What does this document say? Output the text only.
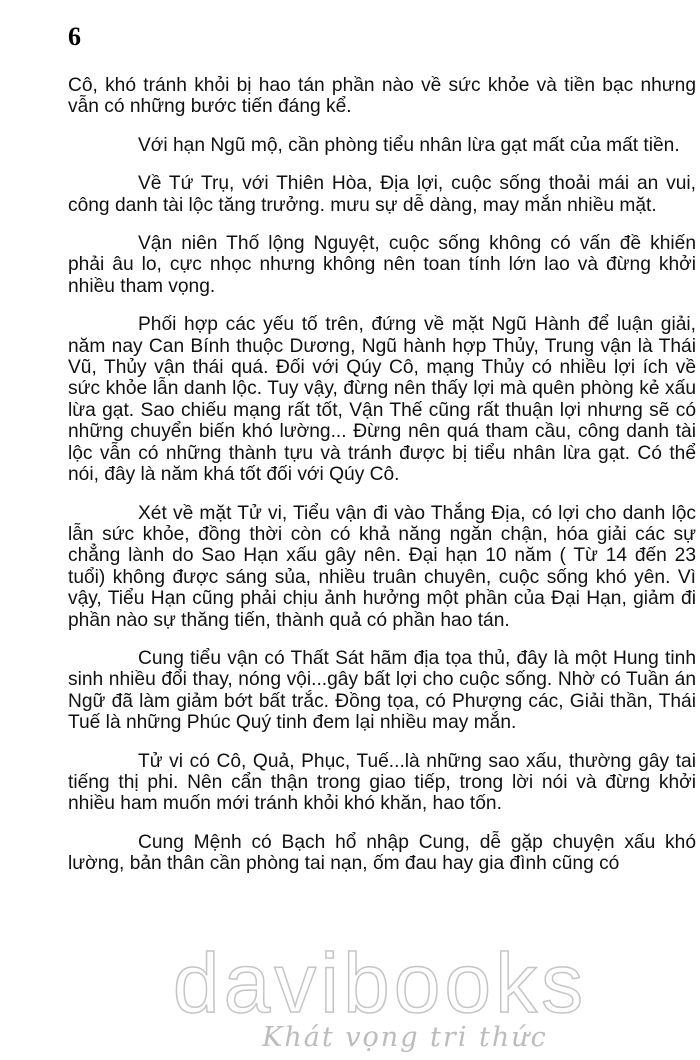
6

Cô, khó tránh khỏi bị hao tán phần nào về sức khỏe và tiền bạc nhưng vẫn có những bước tiến đáng kể.

Với hạn Ngũ mộ, cần phòng tiểu nhân lừa gạt mất của mất tiền.

Về Tứ Trụ, với Thiên Hòa, Địa lợi, cuộc sống thoải mái an vui, công danh tài lộc tăng trưởng. mưu sự dễ dàng, may mắn nhiều mặt.

Vận niên Thố lộng Nguyệt, cuộc sống không có vấn đề khiến phải âu lo, cực nhọc nhưng không nên toan tính lớn lao và đừng khởi nhiều tham vọng.

Phối hợp các yếu tố trên, đứng về mặt Ngũ Hành để luận giải, năm nay Can Bính thuộc Dương, Ngũ hành hợp Thủy, Trung vận là Thái Vũ, Thủy vận thái quá. Đối với Qúy Cô, mạng Thủy có nhiều lợi ích về sức khỏe lẫn danh lộc. Tuy vậy, đừng nên thấy lợi mà quên phòng kẻ xấu lừa gạt. Sao chiếu mạng rất tốt, Vận Thế cũng rất thuận lợi nhưng sẽ có những chuyển biến khó lường... Đừng nên quá tham cầu, công danh tài lộc vẫn có những thành tựu và tránh được bị tiểu nhân lừa gạt. Có thể nói, đây là năm khá tốt đối với Qúy Cô.

Xét về mặt Tử vi, Tiểu vận đi vào Thắng Địa, có lợi cho danh lộc lẫn sức khỏe, đồng thời còn có khả năng ngăn chận, hóa giải các sự chẳng lành do Sao Hạn xấu gây nên. Đại hạn 10 năm ( Từ 14 đến 23 tuổi) không được sáng sủa, nhiều truân chuyên, cuộc sống khó yên. Vì vậy, Tiểu Hạn cũng phải chịu ảnh hưởng một phần của Đại Hạn, giảm đi phần nào sự thăng tiến, thành quả có phần hao tán.

Cung tiểu vận có Thất Sát hãm địa tọa thủ, đây là một Hung tinh sinh nhiều đổi thay, nóng vội...gây bất lợi cho cuộc sống. Nhờ có Tuần án Ngữ đã làm giảm bớt bất trắc. Đồng tọa, có Phượng các, Giải thần, Thái Tuế là những Phúc Quý tinh đem lại nhiều may mắn.

Tử vi có Cô, Quả, Phục, Tuế...là những sao xấu, thường gây tai tiếng thị phi. Nên cẩn thận trong giao tiếp, trong lời nói và đừng khởi nhiều ham muốn mới tránh khỏi khó khăn, hao tốn.

Cung Mệnh có Bạch hổ nhập Cung, dễ gặp chuyện xấu khó lường, bản thân cần phòng tai nạn, ốm đau hay gia đình cũng có

davibooks
Khát vọng tri thức
